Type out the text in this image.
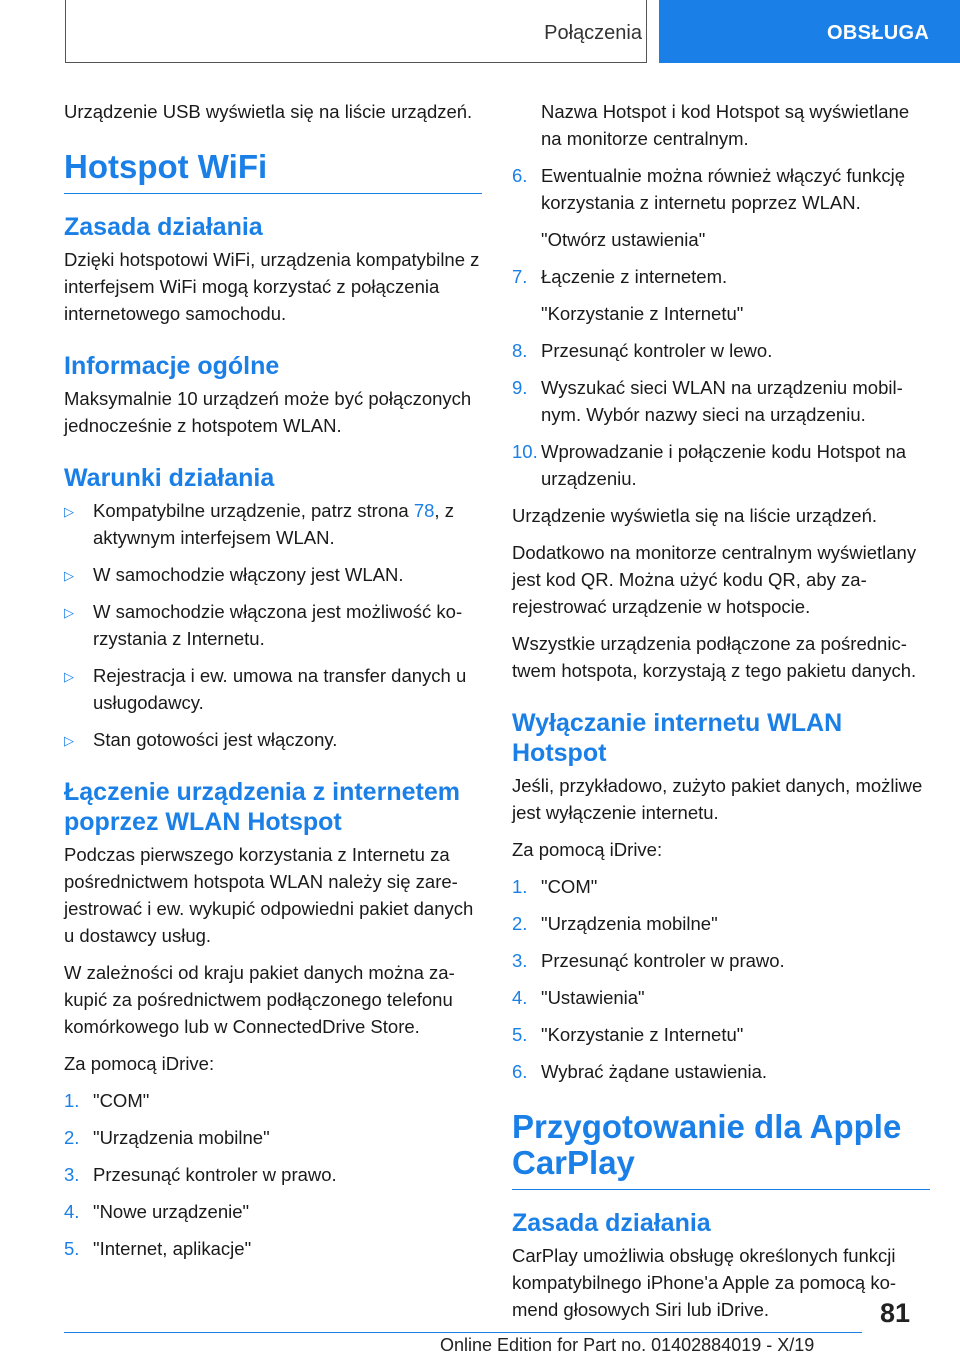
Połączenia	OBSŁUGA

Urządzenie USB wyświetla się na liście urządzeń.

Hotspot WiFi
Zasada działania

Dzięki hotspotowi WiFi, urządzenia kompatybilne z interfejsem WiFi mogą korzystać z połączenia internetowego samochodu.

Informacje ogólne

Maksymalnie 10 urządzeń może być połączonych jednocześnie z hotspotem WLAN.

Warunki działania
▷ Kompatybilne urządzenie, patrz strona 78, z aktywnym interfejsem WLAN.
▷ W samochodzie włączony jest WLAN.
▷ W samochodzie włączona jest możliwość korzystania z Internetu.
▷ Rejestracja i ew. umowa na transfer danych u usługodawcy.
▷ Stan gotowości jest włączony.
Łączenie urządzenia z internetem poprzez WLAN Hotspot

Podczas pierwszego korzystania z Internetu za pośrednictwem hotspota WLAN należy się zarejestrować i ew. wykupić odpowiedni pakiet danych u dostawcy usług.

W zależności od kraju pakiet danych można zakupić za pośrednictwem podłączonego telefonu komórkowego lub w ConnectedDrive Store.

Za pomocą iDrive:

1. "COM"
2. "Urządzenia mobilne"
3. Przesunąć kontroler w prawo.
4. "Nowe urządzenie"
5. "Internet, aplikacje"

Nazwa Hotspot i kod Hotspot są wyświetlane na monitorze centralnym.

6. Ewentualnie można również włączyć funkcję korzystania z internetu poprzez WLAN.
"Otwórz ustawienia"
7. Łączenie z internetem.
"Korzystanie z Internetu"
8. Przesunąć kontroler w lewo.
9. Wyszukać sieci WLAN na urządzeniu mobilnym. Wybór nazwy sieci na urządzeniu.
10. Wprowadzanie i połączenie kodu Hotspot na urządzeniu.

Urządzenie wyświetla się na liście urządzeń.

Dodatkowo na monitorze centralnym wyświetlany jest kod QR. Można użyć kodu QR, aby zarejestrować urządzenie w hotspocie.

Wszystkie urządzenia podłączone za pośrednictwem hotspota, korzystają z tego pakietu danych.

Wyłączanie internetu WLAN Hotspot

Jeśli, przykładowo, zużyto pakiet danych, możliwe jest wyłączenie internetu.

Za pomocą iDrive:

1. "COM"
2. "Urządzenia mobilne"
3. Przesunąć kontroler w prawo.
4. "Ustawienia"
5. "Korzystanie z Internetu"
6. Wybrać żądane ustawienia.
Przygotowanie dla Apple CarPlay
Zasada działania

CarPlay umożliwia obsługę określonych funkcji kompatybilnego iPhone'a Apple za pomocą komend głosowych Siri lub iDrive.	81
Online Edition for Part no. 01402884019 - X/19
